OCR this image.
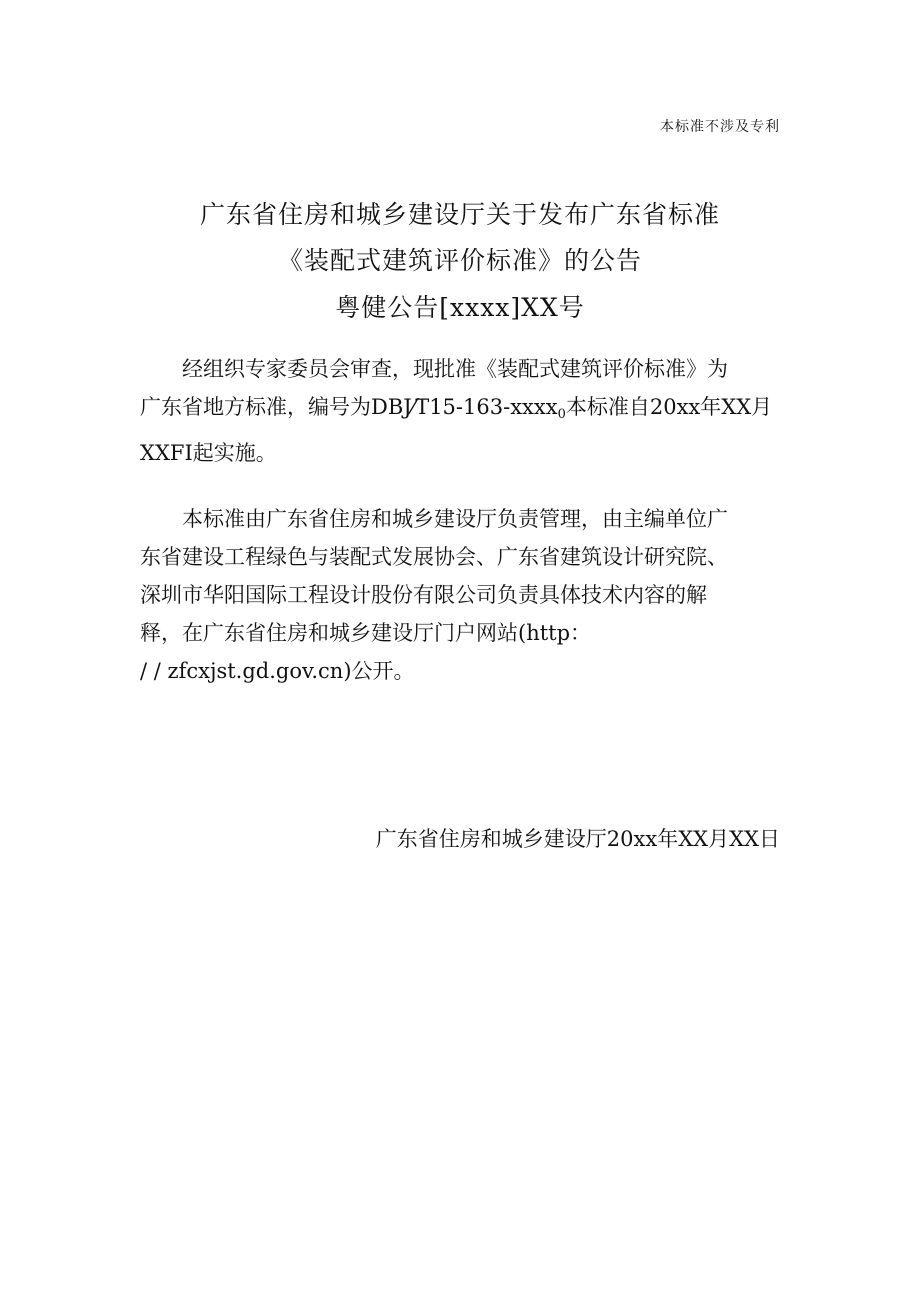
本标准不涉及专利
广东省住房和城乡建设厅关于发布广东省标准
《装配式建筑评价标准》的公告
粤健公告[xxxx]XX号

经组织专家委员会审查，现批准《装配式建筑评价标准》为
广东省地方标准，编号为DBJ⁄T15-163-xxxx$_0$本标准自20xx年XX月
XXFI起实施。

本标准由广东省住房和城乡建设厅负责管理，由主编单位广
东省建设工程绿色与装配式发展协会、广东省建筑设计研究院、
深圳市华阳国际工程设计股份有限公司负责具体技术内容的解
释，在广东省住房和城乡建设厅门户网站(http：
/ / zfcxjst.gd.gov.cn)公开。

广东省住房和城乡建设厅20xx年XX月XX日
